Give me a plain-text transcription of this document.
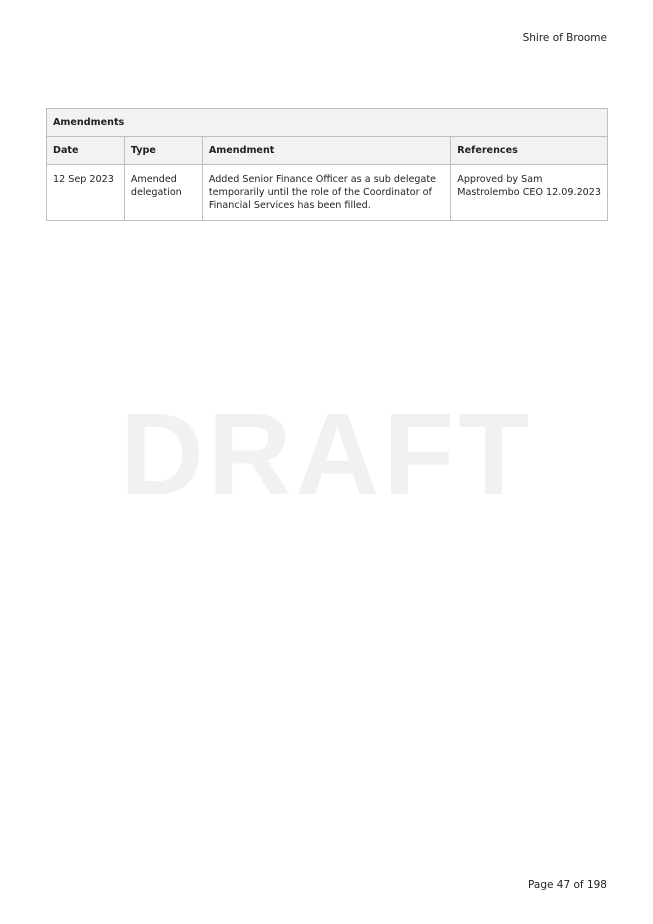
Shire of Broome
DRAFT
Amendments			
Date	Type	Amendment	References
12 Sep 2023	Amended delegation	Added Senior Finance Officer as a sub delegate temporarily until the role of the Coordinator of Financial Services has been filled.	Approved by Sam Mastrolembo CEO 12.09.2023
Page 47 of 198
